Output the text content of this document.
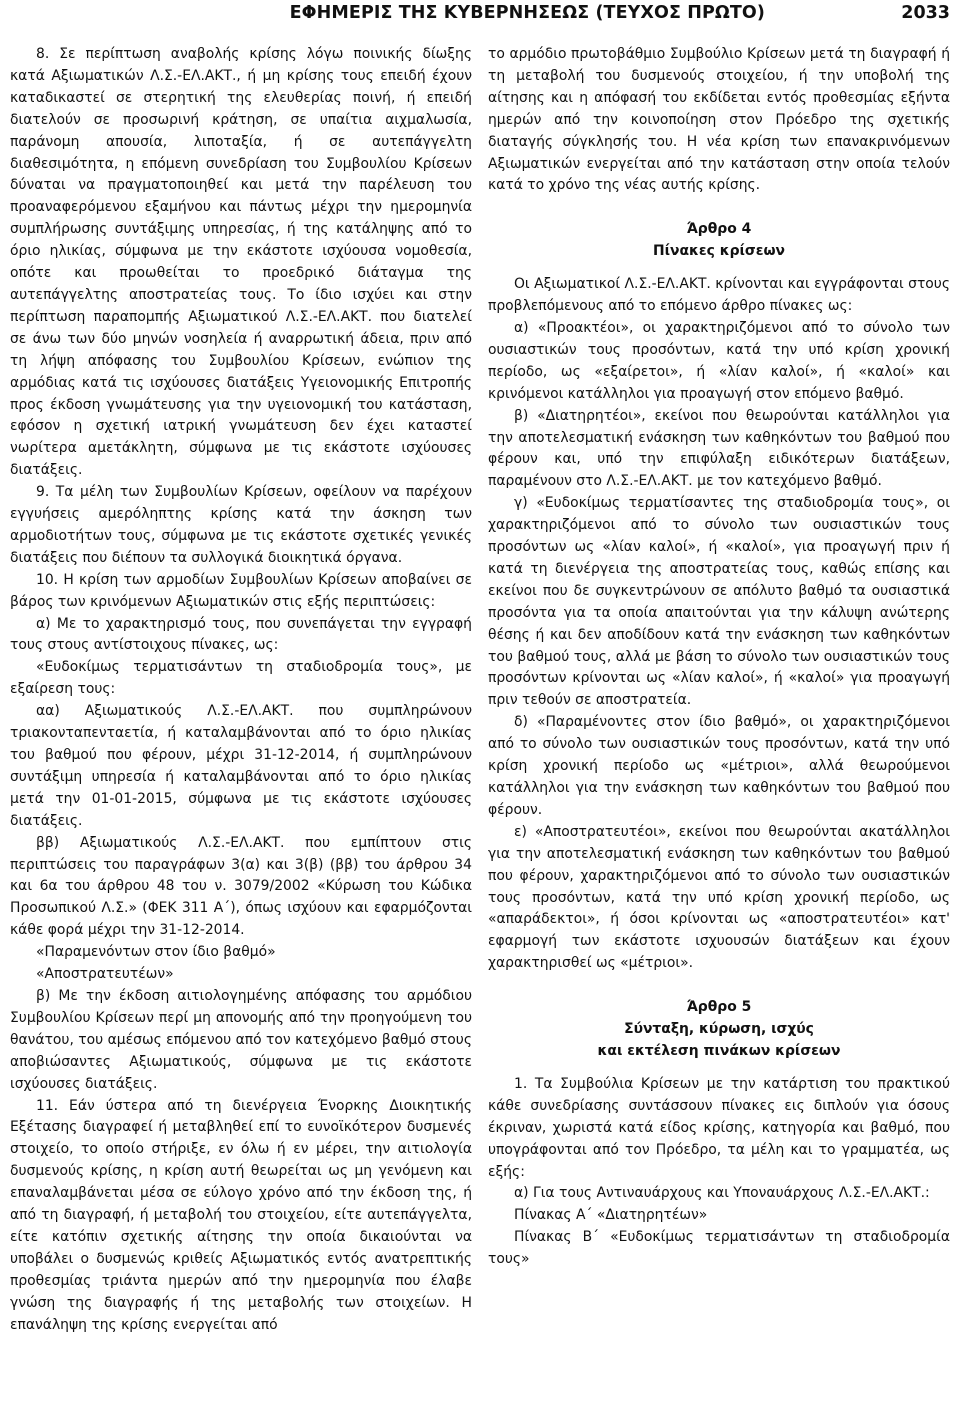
ΕΦΗΜΕΡΙΣ ΤΗΣ ΚΥΒΕΡΝΗΣΕΩΣ (ΤΕΥΧΟΣ ΠΡΩΤΟ)	2033

8. Σε περίπτωση αναβολής κρίσης λόγω ποινικής δίωξης κατά Αξιωματικών Λ.Σ.-ΕΛ.ΑΚΤ., ή μη κρίσης τους επειδή έχουν καταδικαστεί σε στερητική της ελευθερίας ποινή, ή επειδή διατελούν σε προσωρινή κράτηση, σε υπαίτια αιχμαλωσία, παράνομη απουσία, λιποταξία, ή σε αυτεπάγγελτη διαθεσιμότητα, η επόμενη συνεδρίαση του Συμβουλίου Κρίσεων δύναται να πραγματοποιηθεί και μετά την παρέλευση του προαναφερόμενου εξαμήνου και πάντως μέχρι την ημερομηνία συμπλήρωσης συντάξιμης υπηρεσίας, ή της κατάληψης από το όριο ηλικίας, σύμφωνα με την εκάστοτε ισχύουσα νομοθεσία, οπότε και προωθείται το προεδρικό διάταγμα της αυτεπάγγελτης αποστρατείας τους. Το ίδιο ισχύει και στην περίπτωση παραπομπής Αξιωματικού Λ.Σ.-ΕΛ.ΑΚΤ. που διατελεί σε άνω των δύο μηνών νοσηλεία ή αναρρωτική άδεια, πριν από τη λήψη απόφασης του Συμβουλίου Κρίσεων, ενώπιον της αρμόδιας κατά τις ισχύουσες διατάξεις Υγειονομικής Επιτροπής προς έκδοση γνωμάτευσης για την υγειονομική του κατάσταση, εφόσον η σχετική ιατρική γνωμάτευση δεν έχει καταστεί νωρίτερα αμετάκλητη, σύμφωνα με τις εκάστοτε ισχύουσες διατάξεις.

9. Τα μέλη των Συμβουλίων Κρίσεων, οφείλουν να παρέχουν εγγυήσεις αμερόληπτης κρίσης κατά την άσκηση των αρμοδιοτήτων τους, σύμφωνα με τις εκάστοτε σχετικές γενικές διατάξεις που διέπουν τα συλλογικά διοικητικά όργανα.

10. Η κρίση των αρμοδίων Συμβουλίων Κρίσεων αποβαίνει σε βάρος των κρινόμενων Αξιωματικών στις εξής περιπτώσεις:

α) Με το χαρακτηρισμό τους, που συνεπάγεται την εγγραφή τους στους αντίστοιχους πίνακες, ως:

«Ευδοκίμως τερματισάντων τη σταδιοδρομία τους», με εξαίρεση τους:

αα) Αξιωματικούς Λ.Σ.-ΕΛ.ΑΚΤ. που συμπληρώνουν τριακονταπενταετία, ή καταλαμβάνονται από το όριο ηλικίας του βαθμού που φέρουν, μέχρι 31-12-2014, ή συμπληρώνουν συντάξιμη υπηρεσία ή καταλαμβάνονται από το όριο ηλικίας μετά την 01-01-2015, σύμφωνα με τις εκάστοτε ισχύουσες διατάξεις.

ββ) Αξιωματικούς Λ.Σ.-ΕΛ.ΑΚΤ. που εμπίπτουν στις περιπτώσεις του παραγράφων 3(α) και 3(β) (ββ) του άρθρου 34 και 6α του άρθρου 48 του ν. 3079/2002 «Κύρωση του Κώδικα Προσωπικού Λ.Σ.» (ΦΕΚ 311 Α΄), όπως ισχύουν και εφαρμόζονται κάθε φορά μέχρι την 31-12-2014.

«Παραμενόντων στον ίδιο βαθμό»

«Αποστρατευτέων»

β) Με την έκδοση αιτιολογημένης απόφασης του αρμόδιου Συμβουλίου Κρίσεων περί μη απονομής από την προηγούμενη του θανάτου, του αμέσως επόμενου από τον κατεχόμενο βαθμό στους αποβιώσαντες Αξιωματικούς, σύμφωνα με τις εκάστοτε ισχύουσες διατάξεις.

11. Εάν ύστερα από τη διενέργεια Ένορκης Διοικητικής Εξέτασης διαγραφεί ή μεταβληθεί επί το ευνοϊκότερον δυσμενές στοιχείο, το οποίο στήριξε, εν όλω ή εν μέρει, την αιτιολογία δυσμενούς κρίσης, η κρίση αυτή θεωρείται ως μη γενόμενη και επαναλαμβάνεται μέσα σε εύλογο χρόνο από την έκδοση της, ή από τη διαγραφή, ή μεταβολή του στοιχείου, είτε αυτεπάγγελτα, είτε κατόπιν σχετικής αίτησης την οποία δικαιούνται να υποβάλει ο δυσμενώς κριθείς Αξιωματικός εντός ανατρεπτικής προθεσμίας τριάντα ημερών από την ημερομηνία που έλαβε γνώση της διαγραφής ή της μεταβολής των στοιχείων. Η επανάληψη της κρίσης ενεργείται από

το αρμόδιο πρωτοβάθμιο Συμβούλιο Κρίσεων μετά τη διαγραφή ή τη μεταβολή του δυσμενούς στοιχείου, ή την υποβολή της αίτησης και η απόφασή του εκδίδεται εντός προθεσμίας εξήντα ημερών από την κοινοποίηση στον Πρόεδρο της σχετικής διαταγής σύγκλησής του. Η νέα κρίση των επανακρινόμενων Αξιωματικών ενεργείται από την κατάσταση στην οποία τελούν κατά το χρόνο της νέας αυτής κρίσης.

Άρθρο 4

Πίνακες κρίσεων

Οι Αξιωματικοί Λ.Σ.-ΕΛ.ΑΚΤ. κρίνονται και εγγράφονται στους προβλεπόμενους από το επόμενο άρθρο πίνακες ως:

α) «Προακτέοι», οι χαρακτηριζόμενοι από το σύνολο των ουσιαστικών τους προσόντων, κατά την υπό κρίση χρονική περίοδο, ως «εξαίρετοι», ή «λίαν καλοί», ή «καλοί» και κρινόμενοι κατάλληλοι για προαγωγή στον επόμενο βαθμό.

β) «Διατηρητέοι», εκείνοι που θεωρούνται κατάλληλοι για την αποτελεσματική ενάσκηση των καθηκόντων του βαθμού που φέρουν και, υπό την επιφύλαξη ειδικότερων διατάξεων, παραμένουν στο Λ.Σ.-ΕΛ.ΑΚΤ. με τον κατεχόμενο βαθμό.

γ) «Ευδοκίμως τερματίσαντες της σταδιοδρομία τους», οι χαρακτηριζόμενοι από το σύνολο των ουσιαστικών τους προσόντων ως «λίαν καλοί», ή «καλοί», για προαγωγή πριν ή κατά τη διενέργεια της αποστρατείας τους, καθώς επίσης και εκείνοι που δε συγκεντρώνουν σε απόλυτο βαθμό τα ουσιαστικά προσόντα για τα οποία απαιτούνται για την κάλυψη ανώτερης θέσης ή και δεν αποδίδουν κατά την ενάσκηση των καθηκόντων του βαθμού τους, αλλά με βάση το σύνολο των ουσιαστικών τους προσόντων κρίνονται ως «λίαν καλοί», ή «καλοί» για προαγωγή πριν τεθούν σε αποστρατεία.

δ) «Παραμένοντες στον ίδιο βαθμό», οι χαρακτηριζόμενοι από το σύνολο των ουσιαστικών τους προσόντων, κατά την υπό κρίση χρονική περίοδο ως «μέτριοι», αλλά θεωρούμενοι κατάλληλοι για την ενάσκηση των καθηκόντων του βαθμού που φέρουν.

ε) «Αποστρατευτέοι», εκείνοι που θεωρούνται ακατάλληλοι για την αποτελεσματική ενάσκηση των καθηκόντων του βαθμού που φέρουν, χαρακτηριζόμενοι από το σύνολο των ουσιαστικών τους προσόντων, κατά την υπό κρίση χρονική περίοδο, ως «απαράδεκτοι», ή όσοι κρίνονται ως «αποστρατευτέοι» κατ' εφαρμογή των εκάστοτε ισχυουσών διατάξεων και έχουν χαρακτηρισθεί ως «μέτριοι».

Άρθρο 5

Σύνταξη, κύρωση, ισχύς

και εκτέλεση πινάκων κρίσεων

1. Τα Συμβούλια Κρίσεων με την κατάρτιση του πρακτικού κάθε συνεδρίασης συντάσσουν πίνακες εις διπλούν για όσους έκριναν, χωριστά κατά είδος κρίσης, κατηγορία και βαθμό, που υπογράφονται από τον Πρόεδρο, τα μέλη και το γραμματέα, ως εξής:

α) Για τους Αντιναυάρχους και Υποναυάρχους Λ.Σ.-ΕΛ.ΑΚΤ.:

Πίνακας Α΄ «Διατηρητέων»

Πίνακας Β΄ «Ευδοκίμως τερματισάντων τη σταδιοδρομία τους»
